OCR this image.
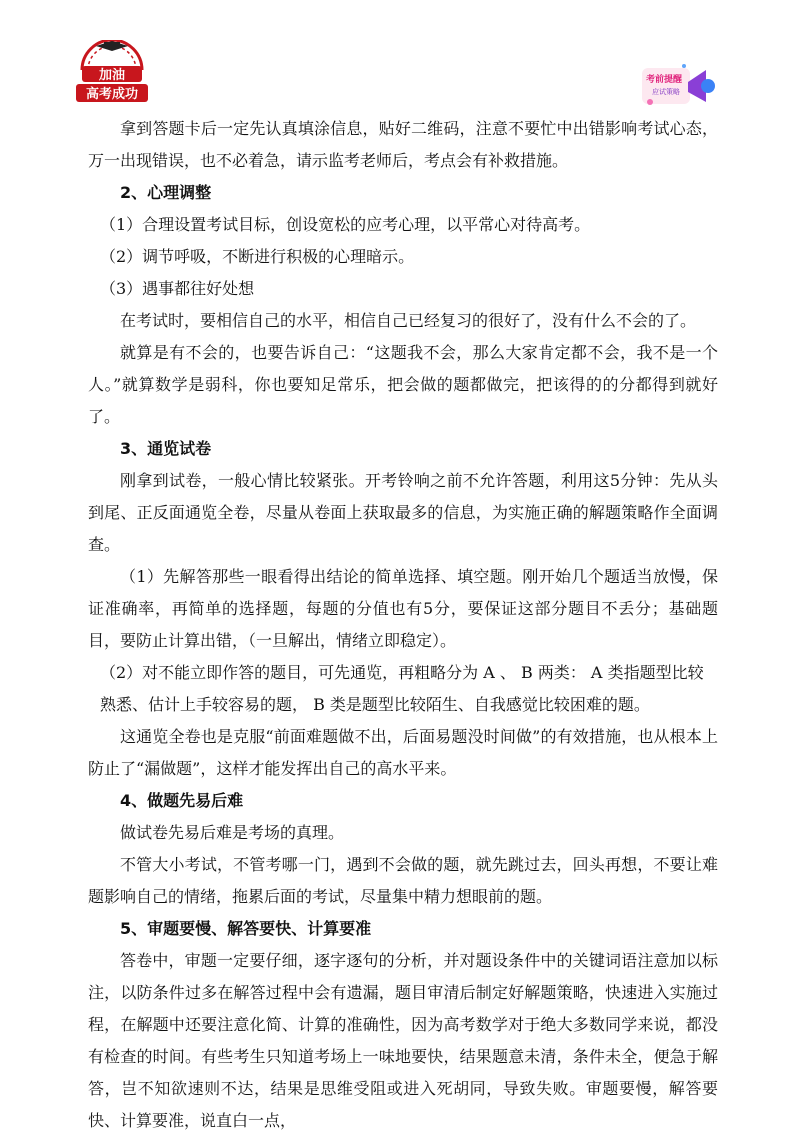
加油
高考成功
考前提醒
应试策略

拿到答题卡后一定先认真填涂信息，贴好二维码，注意不要忙中出错影响考试心态，万一出现错误，也不必着急，请示监考老师后，考点会有补救措施。

2、心理调整

（1）合理设置考试目标，创设宽松的应考心理，以平常心对待高考。

（2）调节呼吸，不断进行积极的心理暗示。

（3）遇事都往好处想

在考试时，要相信自己的水平，相信自己已经复习的很好了，没有什么不会的了。

就算是有不会的，也要告诉自己：“这题我不会，那么大家肯定都不会，我不是一个人。”就算数学是弱科，你也要知足常乐，把会做的题都做完，把该得的的分都得到就好了。

3、通览试卷

刚拿到试卷，一般心情比较紧张。开考铃响之前不允许答题，利用这5分钟：先从头到尾、正反面通览全卷，尽量从卷面上获取最多的信息，为实施正确的解题策略作全面调查。

（1）先解答那些一眼看得出结论的简单选择、填空题。刚开始几个题适当放慢，保证准确率，再简单的选择题，每题的分值也有5分，要保证这部分题目不丢分；基础题目，要防止计算出错，（一旦解出，情绪立即稳定）。

（2）对不能立即作答的题目，可先通览，再粗略分为 A 、 B 两类： A 类指题型比较熟悉、估计上手较容易的题， B 类是题型比较陌生、自我感觉比较困难的题。

这通览全卷也是克服“前面难题做不出，后面易题没时间做”的有效措施，也从根本上防止了“漏做题”，这样才能发挥出自己的高水平来。

4、做题先易后难

做试卷先易后难是考场的真理。

不管大小考试，不管考哪一门，遇到不会做的题，就先跳过去，回头再想，不要让难题影响自己的情绪，拖累后面的考试，尽量集中精力想眼前的题。

5、审题要慢、解答要快、计算要准

答卷中，审题一定要仔细，逐字逐句的分析，并对题设条件中的关键词语注意加以标注，以防条件过多在解答过程中会有遗漏，题目审清后制定好解题策略，快速进入实施过程，在解题中还要注意化简、计算的准确性，因为高考数学对于绝大多数同学来说，都没有检查的时间。有些考生只知道考场上一味地要快，结果题意未清，条件未全，便急于解答，岂不知欲速则不达，结果是思维受阻或进入死胡同，导致失败。审题要慢，解答要快、计算要准，说直白一点，
